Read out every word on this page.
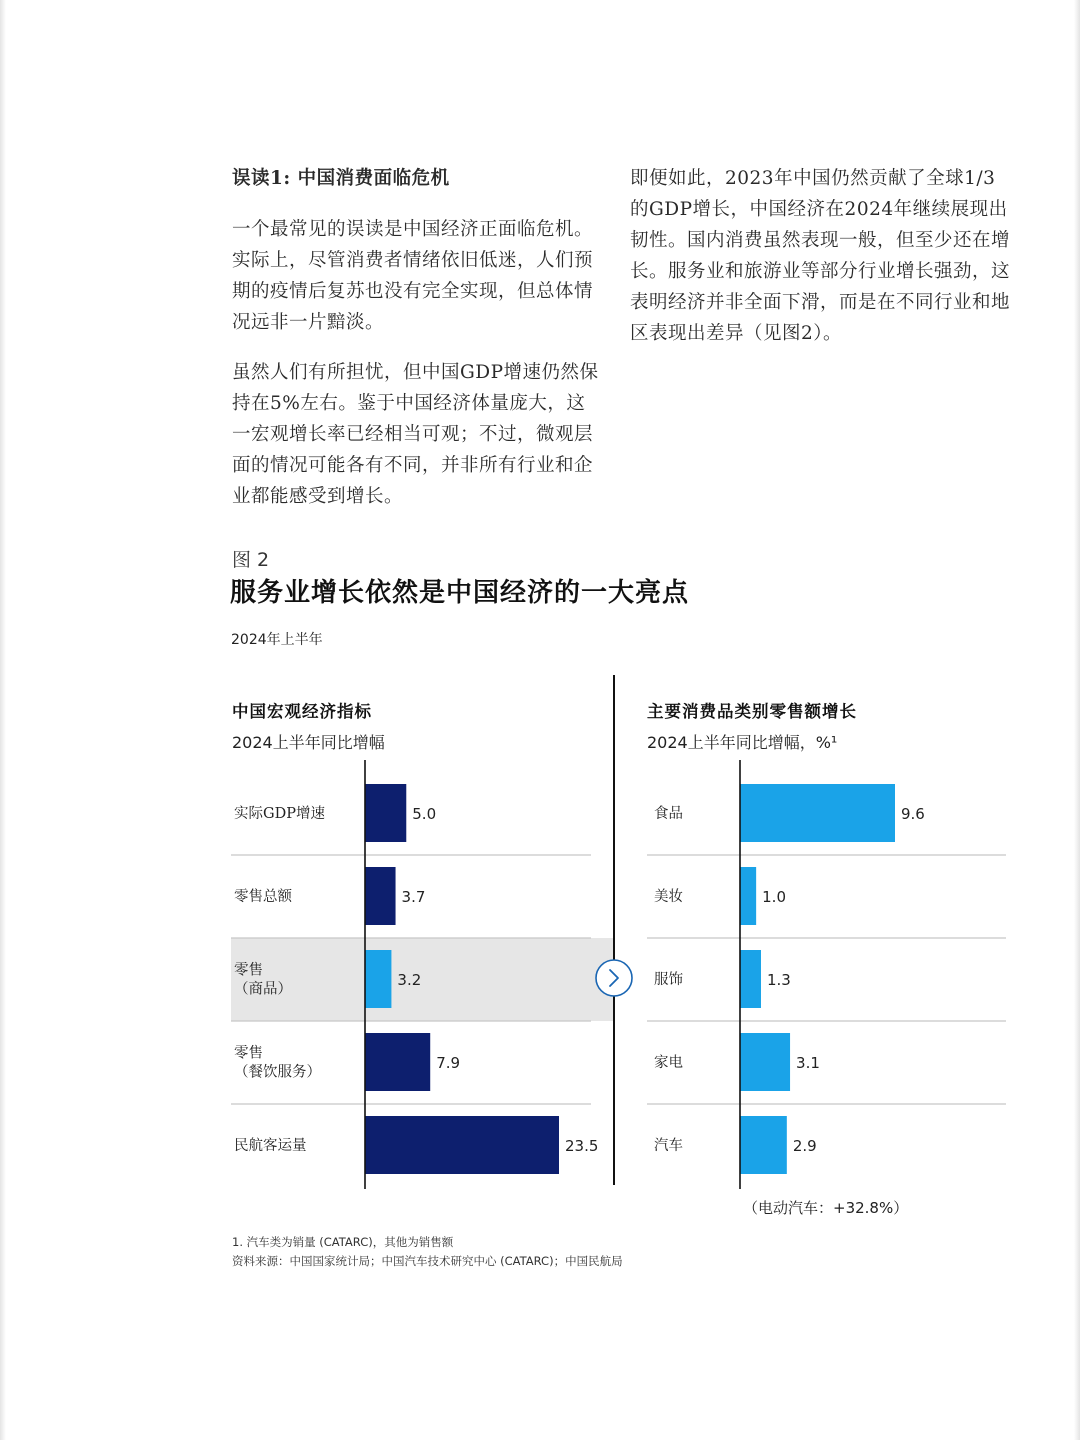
误读1: 中国消费面临危机

一个最常见的误读是中国经济正面临危机。实际上，尽管消费者情绪依旧低迷，人们预期的疫情后复苏也没有完全实现，但总体情况远非一片黯淡。

虽然人们有所担忧，但中国GDP增速仍然保持在5%左右。鉴于中国经济体量庞大，这一宏观增长率已经相当可观；不过，微观层面的情况可能各有不同，并非所有行业和企业都能感受到增长。

即便如此，2023年中国仍然贡献了全球1/3的GDP增长，中国经济在2024年继续展现出韧性。国内消费虽然表现一般，但至少还在增长。服务业和旅游业等部分行业增长强劲，这表明经济并非全面下滑，而是在不同行业和地区表现出差异（见图2）。

图 2
服务业增长依然是中国经济的一大亮点
2024年上半年
中国宏观经济指标
2024上半年同比增幅
主要消费品类别零售额增长
2024上半年同比增幅，%¹
5.0
实际GDP增速
3.7
零售总额
3.2
零售
（商品）
7.9
零售
（餐饮服务）
23.5
民航客运量
9.6
食品
1.0
美妆
1.3
服饰
3.1
家电
2.9
汽车
（电动汽车：+32.8%）
1. 汽车类为销量 (CATARC)，其他为销售额
资料来源：中国国家统计局；中国汽车技术研究中心 (CATARC)；中国民航局
